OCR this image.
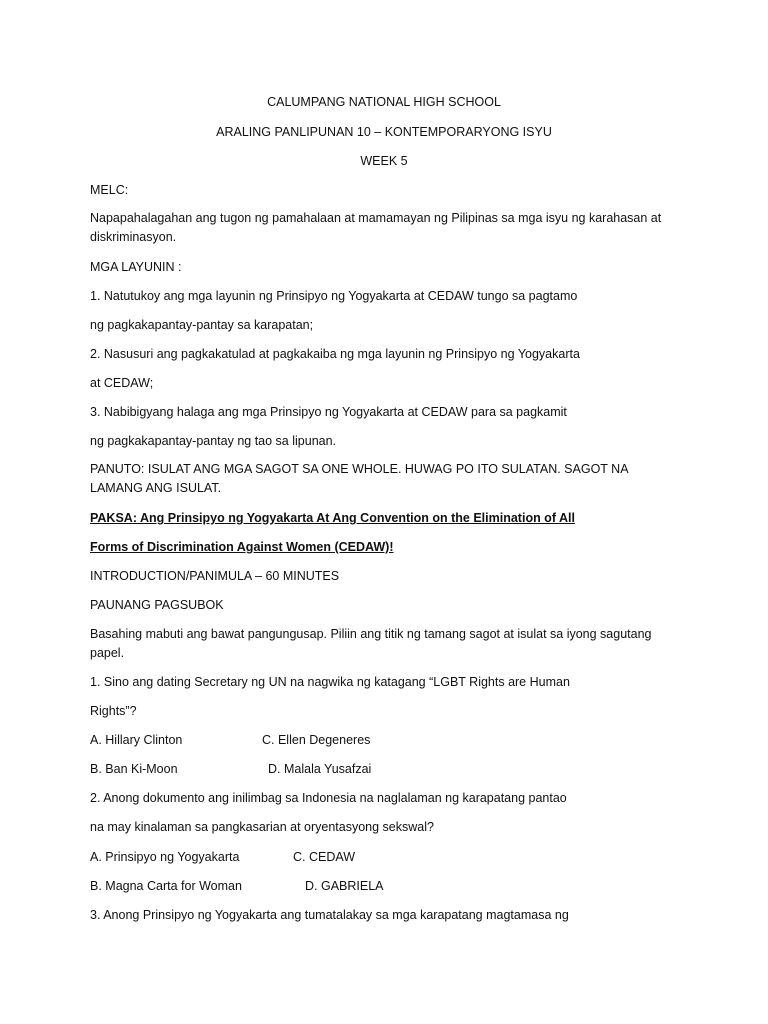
CALUMPANG NATIONAL HIGH SCHOOL

ARALING PANLIPUNAN 10 – KONTEMPORARYONG ISYU

WEEK 5

MELC:

Napapahalagahan ang tugon ng pamahalaan at mamamayan ng Pilipinas sa mga isyu ng karahasan at diskriminasyon.

MGA LAYUNIN :

1. Natutukoy ang mga layunin ng Prinsipyo ng Yogyakarta at CEDAW tungo sa pagtamo

ng pagkakapantay-pantay sa karapatan;

2. Nasusuri ang pagkakatulad at pagkakaiba ng mga layunin ng Prinsipyo ng Yogyakarta

at CEDAW;

3. Nabibigyang halaga ang mga Prinsipyo ng Yogyakarta at CEDAW para sa pagkamit

ng pagkakapantay-pantay ng tao sa lipunan.

PANUTO: ISULAT ANG MGA SAGOT SA ONE WHOLE. HUWAG PO ITO SULATAN. SAGOT NA LAMANG ANG ISULAT.

PAKSA: Ang Prinsipyo ng Yogyakarta At Ang Convention on the Elimination of All

Forms of Discrimination Against Women (CEDAW)!

INTRODUCTION/PANIMULA – 60 MINUTES

PAUNANG PAGSUBOK

Basahing mabuti ang bawat pangungusap. Piliin ang titik ng tamang sagot at isulat sa iyong sagutang papel.

1. Sino ang dating Secretary ng UN na nagwika ng katagang “LGBT Rights are Human

Rights”?

A. Hillary Clinton	C. Ellen Degeneres
B. Ban Ki-Moon	D. Malala Yusafzai

2. Anong dokumento ang inilimbag sa Indonesia na naglalaman ng karapatang pantao

na may kinalaman sa pangkasarian at oryentasyong sekswal?

A. Prinsipyo ng Yogyakarta	C. CEDAW
B. Magna Carta for Woman	D. GABRIELA

3. Anong Prinsipyo ng Yogyakarta ang tumatalakay sa mga karapatang magtamasa ng
